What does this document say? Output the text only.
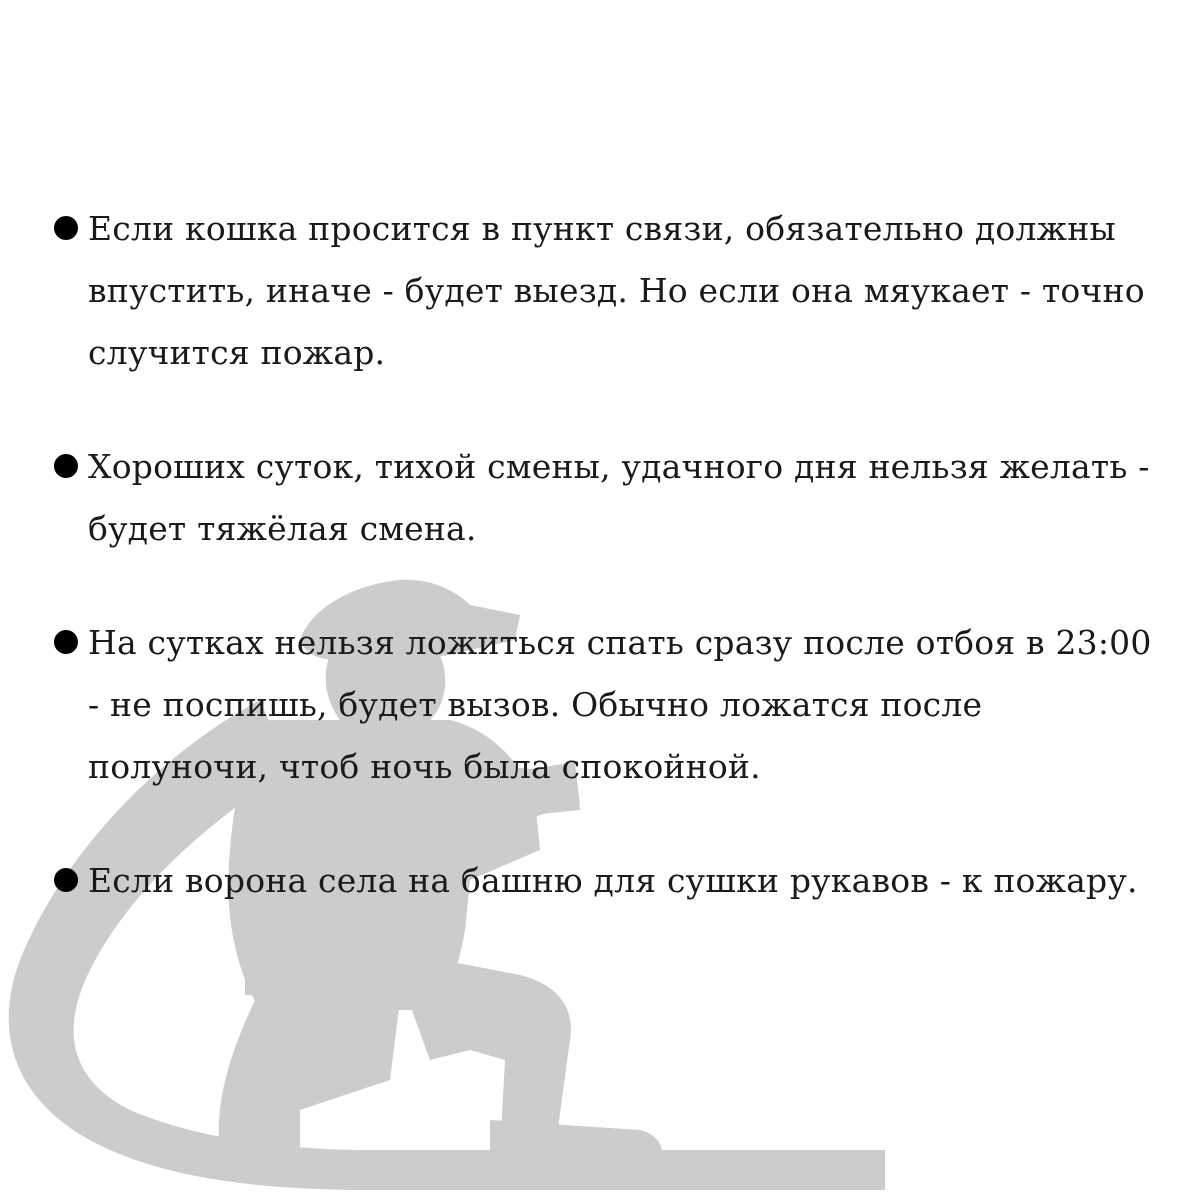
Если кошка просится в пункт связи, обязательно должны впустить, иначе - будет выезд. Но если она мяукает - точно случится пожар.
Хороших суток, тихой смены, удачного дня нельзя желать - будет тяжёлая смена.
На сутках нельзя ложиться спать сразу после отбоя в 23:00 - не поспишь, будет вызов. Обычно ложатся после полуночи, чтоб ночь была спокойной.
Если ворона села на башню для сушки рукавов - к пожару.
